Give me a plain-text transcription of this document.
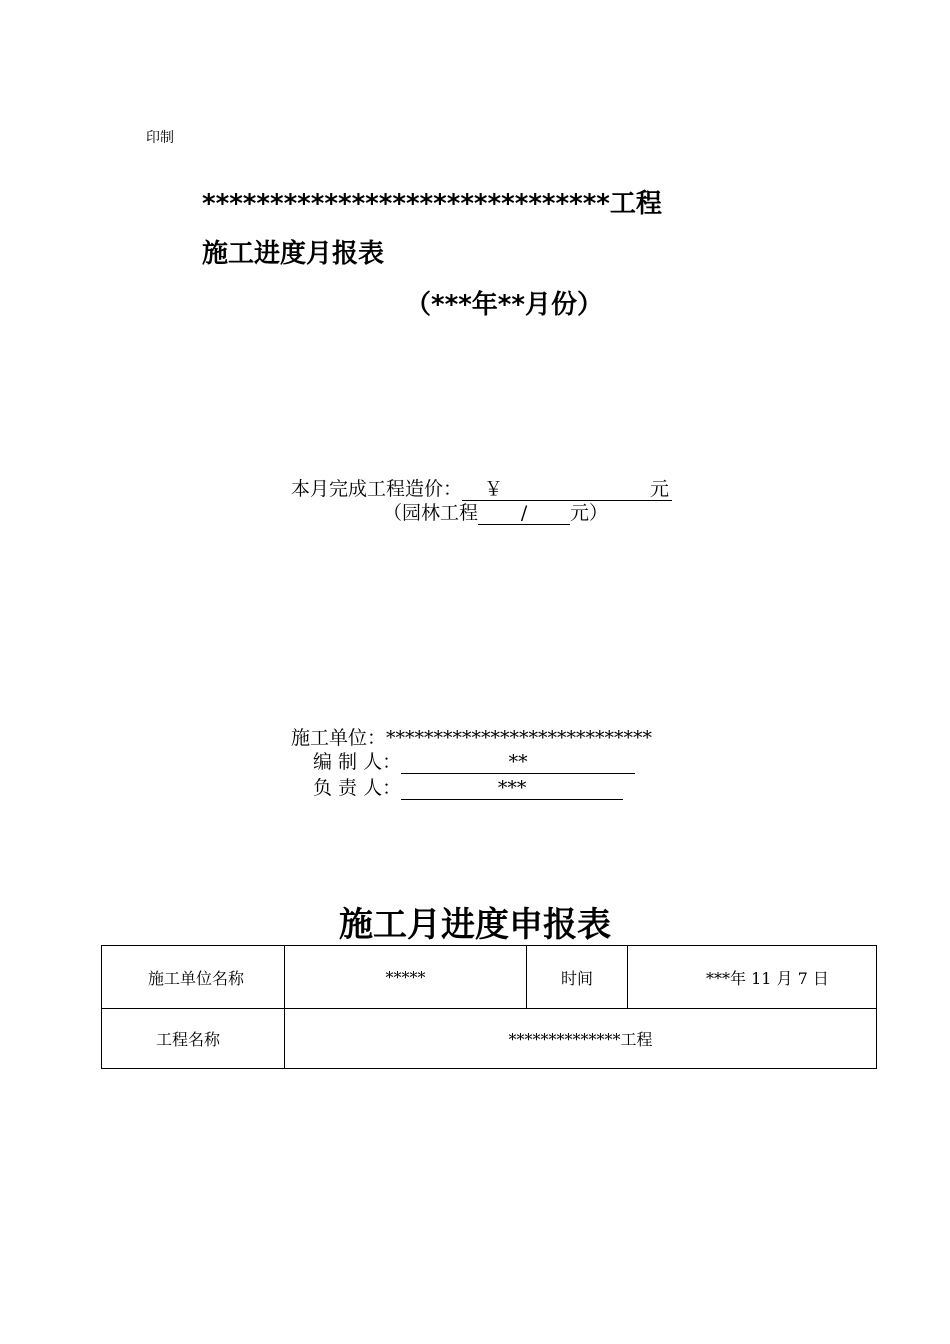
印制
******************************工程
施工进度月报表
（***年**月份）
本月完成工程造价： ￥	元
（园林工程 / 元）
施工单位：****************************
编 制 人：	**
负 责 人：	***
施工月进度申报表
施工单位名称	*****	时间	***年 11 月 7 日
工程名称	**************工程		
